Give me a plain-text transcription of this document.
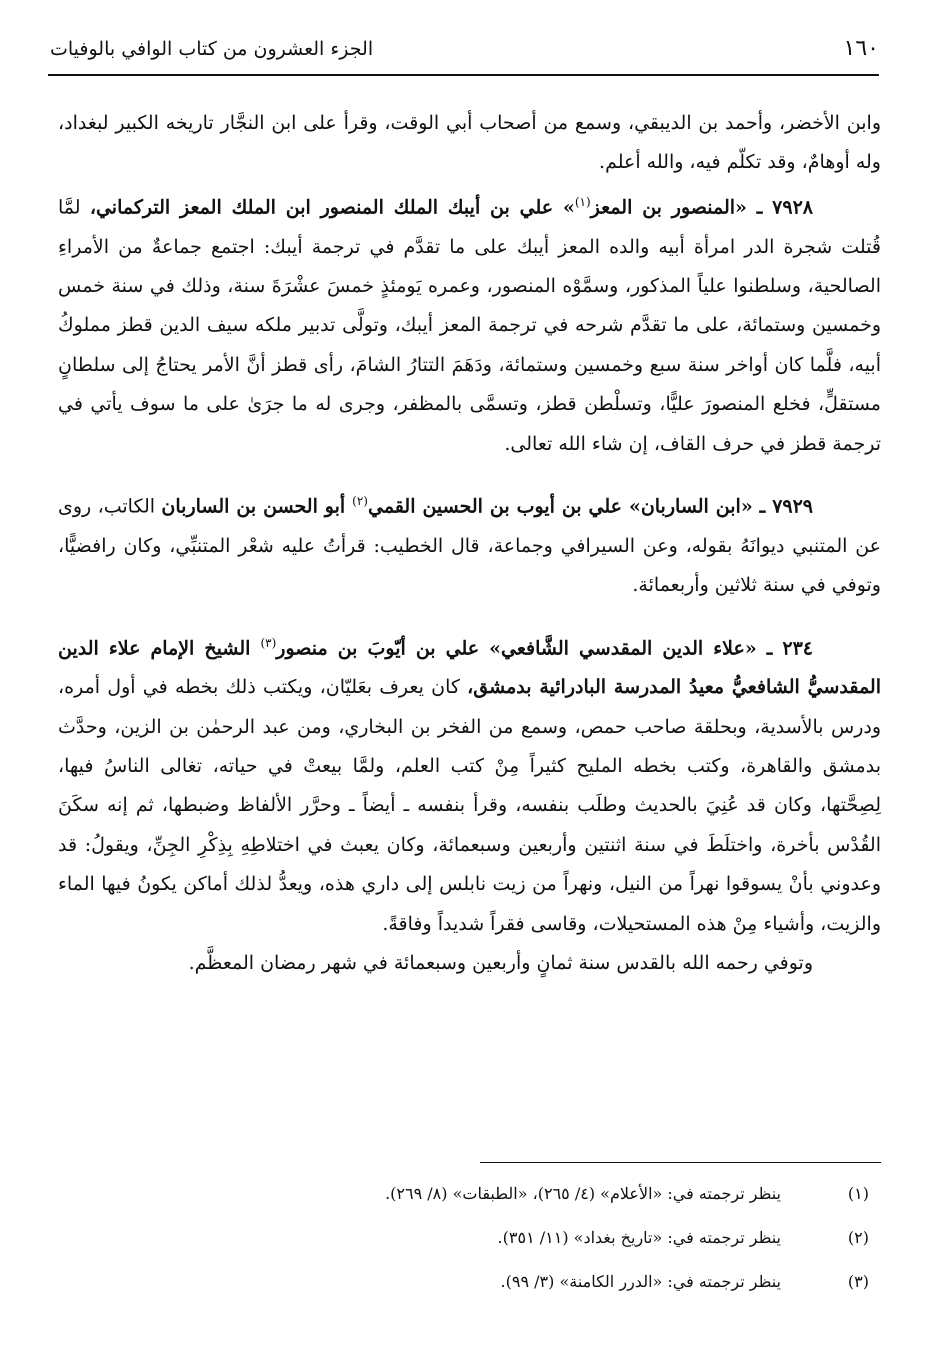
١٦٠
الجزء العشرون من كتاب الوافي بالوفيات

وابن الأخضر، وأحمد بن الديبقي، وسمع من أصحاب أبي الوقت، وقرأ على ابن النجَّار تاريخه الكبير لبغداد، وله أوهامٌ، وقد تكلّم فيه، والله أعلم.

٧٩٢٨ ـ «المنصور بن المعز$^{(١)}$» علي بن أيبك الملك المنصور ابن الملك المعز التركماني، لمَّا قُتلت شجرة الدر امرأة أبيه والده المعز أيبك على ما تقدَّم في ترجمة أيبك: اجتمع جماعةٌ من الأمراءِ الصالحية، وسلطنوا علياً المذكور، وسمَّوْه المنصور، وعمره يَومئذٍ خمسَ عشْرَةَ سنة، وذلك في سنة خمس وخمسين وستمائة، على ما تقدَّم شرحه في ترجمة المعز أيبك، وتولَّى تدبير ملكه سيف الدين قطز مملوكُ أبيه، فلَّما كان أواخر سنة سبع وخمسين وستمائة، ودَهَمَ التتارُ الشامَ، رأى قطز أنَّ الأمر يحتاجُ إلى سلطانٍ مستقلٍّ، فخلع المنصورَ عليًّا، وتسلْطن قطز، وتسمَّى بالمظفر، وجرى له ما جرَىٰ على ما سوف يأتي في ترجمة قطز في حرف القاف، إن شاء الله تعالى.

٧٩٢٩ ـ «ابن الساربان» علي بن أيوب بن الحسين القمي$^{(٢)}$ أبو الحسن بن الساربان الكاتب، روى عن المتنبي ديوانَهُ بقوله، وعن السيرافي وجماعة، قال الخطيب: قرأتُ عليه شعْر المتنبِّي، وكان رافضيًّا، وتوفي في سنة ثلاثين وأربعمائة.

٢٣٤ ـ «علاء الدين المقدسي الشَّافعي» علي بن أيّوبَ بن منصور$^{(٣)}$ الشيخ الإمام علاء الدين المقدسيُّ الشافعيُّ معيدُ المدرسة البادرائية بدمشق، كان يعرف بعَليّان، ويكتب ذلك بخطه في أول أمره، ودرس بالأسدية، وبحلقة صاحب حمص، وسمع من الفخر بن البخاري، ومن عبد الرحمٰن بن الزين، وحدَّث بدمشق والقاهرة، وكتب بخطه المليح كثيراً مِنْ كتب العلم، ولمَّا بيعتْ في حياته، تغالى الناسُ فيها، لِصِحَّتها، وكان قد عُنِيَ بالحديث وطلَب بنفسه، وقرأ بنفسه ـ أيضاً ـ وحرَّر الألفاظ وضبطها، ثم إنه سكَنَ القُدْس بأخرة، واختلَطَ في سنة اثنتين وأربعين وسبعمائة، وكان يعبث في اختلاطِهِ بِذِكْرِ الجِنِّ، ويقولُ: قد وعدوني بأنْ يسوقوا نهراً من النيل، ونهراً من زيت نابلس إلى داري هذه، ويعدُّ لذلك أماكن يكونُ فيها الماء والزيت، وأشياء مِنْ هذه المستحيلات، وقاسى فقراً شديداً وفاقةً.

وتوفي رحمه الله بالقدس سنة ثمانٍ وأربعين وسبعمائة في شهر رمضان المعظَّم.

(١)
ينظر ترجمته في: «الأعلام» (٤/ ٢٦٥)، «الطبقات» (٨/ ٢٦٩).
(٢)
ينظر ترجمته في: «تاريخ بغداد» (١١/ ٣٥١).
(٣)
ينظر ترجمته في: «الدرر الكامنة» (٣/ ٩٩).
